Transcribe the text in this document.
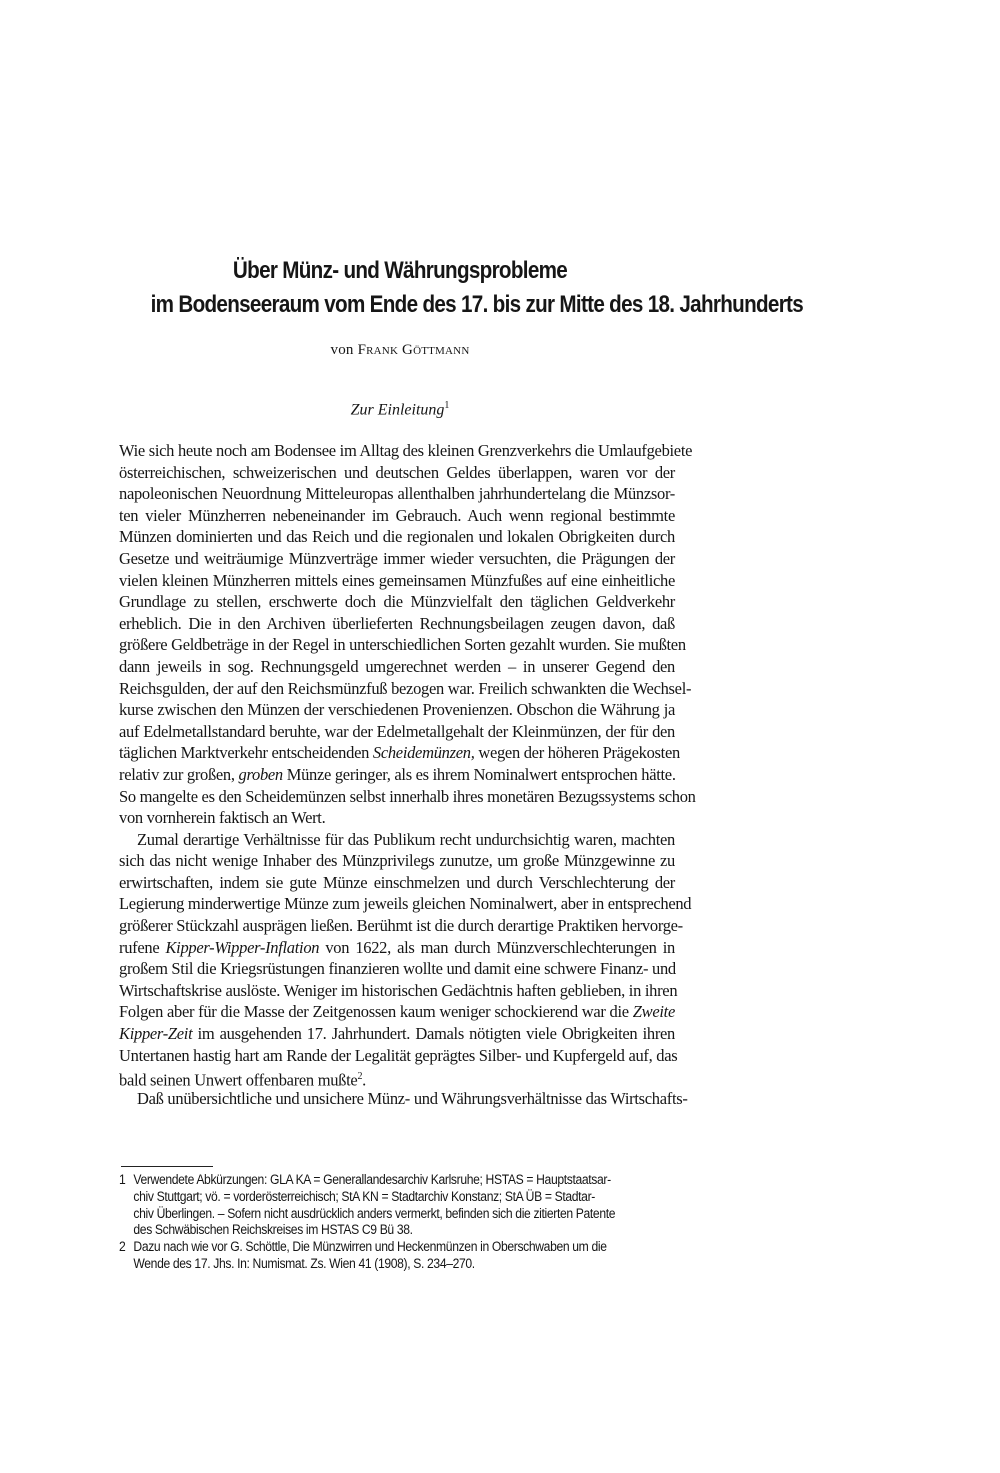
Über Münz- und Währungsprobleme
im Bodenseeraum vom Ende des 17. bis zur Mitte des 18. Jahrhunderts
von Frank Göttmann
Zur Einleitung$^1$
Wie sich heute noch am Bodensee im Alltag des kleinen Grenzverkehrs die Umlaufgebiete
österreichischen, schweizerischen und deutschen Geldes überlappen, waren vor der
napoleonischen Neuordnung Mitteleuropas allenthalben jahrhundertelang die Münzsor-
ten vieler Münzherren nebeneinander im Gebrauch. Auch wenn regional bestimmte
Münzen dominierten und das Reich und die regionalen und lokalen Obrigkeiten durch
Gesetze und weiträumige Münzverträge immer wieder versuchten, die Prägungen der
vielen kleinen Münzherren mittels eines gemeinsamen Münzfußes auf eine einheitliche
Grundlage zu stellen, erschwerte doch die Münzvielfalt den täglichen Geldverkehr
erheblich. Die in den Archiven überlieferten Rechnungsbeilagen zeugen davon, daß
größere Geldbeträge in der Regel in unterschiedlichen Sorten gezahlt wurden. Sie mußten
dann jeweils in sog. Rechnungsgeld umgerechnet werden – in unserer Gegend den
Reichsgulden, der auf den Reichsmünzfuß bezogen war. Freilich schwankten die Wechsel-
kurse zwischen den Münzen der verschiedenen Provenienzen. Obschon die Währung ja
auf Edelmetallstandard beruhte, war der Edelmetallgehalt der Kleinmünzen, der für den
täglichen Marktverkehr entscheidenden Scheidemünzen, wegen der höheren Prägekosten
relativ zur großen, groben Münze geringer, als es ihrem Nominalwert entsprochen hätte.
So mangelte es den Scheidemünzen selbst innerhalb ihres monetären Bezugssystems schon
von vornherein faktisch an Wert.
Zumal derartige Verhältnisse für das Publikum recht undurchsichtig waren, machten
sich das nicht wenige Inhaber des Münzprivilegs zunutze, um große Münzgewinne zu
erwirtschaften, indem sie gute Münze einschmelzen und durch Verschlechterung der
Legierung minderwertige Münze zum jeweils gleichen Nominalwert, aber in entsprechend
größerer Stückzahl ausprägen ließen. Berühmt ist die durch derartige Praktiken hervorge-
rufene Kipper-Wipper-Inflation von 1622, als man durch Münzverschlechterungen in
großem Stil die Kriegsrüstungen finanzieren wollte und damit eine schwere Finanz- und
Wirtschaftskrise auslöste. Weniger im historischen Gedächtnis haften geblieben, in ihren
Folgen aber für die Masse der Zeitgenossen kaum weniger schockierend war die Zweite
Kipper-Zeit im ausgehenden 17. Jahrhundert. Damals nötigten viele Obrigkeiten ihren
Untertanen hastig hart am Rande der Legalität geprägtes Silber- und Kupfergeld auf, das
bald seinen Unwert offenbaren mußte$^2$.
Daß unübersichtliche und unsichere Münz- und Währungsverhältnisse das Wirtschafts-
1 Verwendete Abkürzungen: GLA KA = Generallandesarchiv Karlsruhe; HSTAS = Hauptstaatsar-
chiv Stuttgart; vö. = vorderösterreichisch; StA KN = Stadtarchiv Konstanz; StA ÜB = Stadtar-
chiv Überlingen. – Sofern nicht ausdrücklich anders vermerkt, befinden sich die zitierten Patente
des Schwäbischen Reichskreises im HSTAS C9 Bü 38.
2 Dazu nach wie vor G. Schöttle, Die Münzwirren und Heckenmünzen in Oberschwaben um die
Wende des 17. Jhs. In: Numismat. Zs. Wien 41 (1908), S. 234–270.
